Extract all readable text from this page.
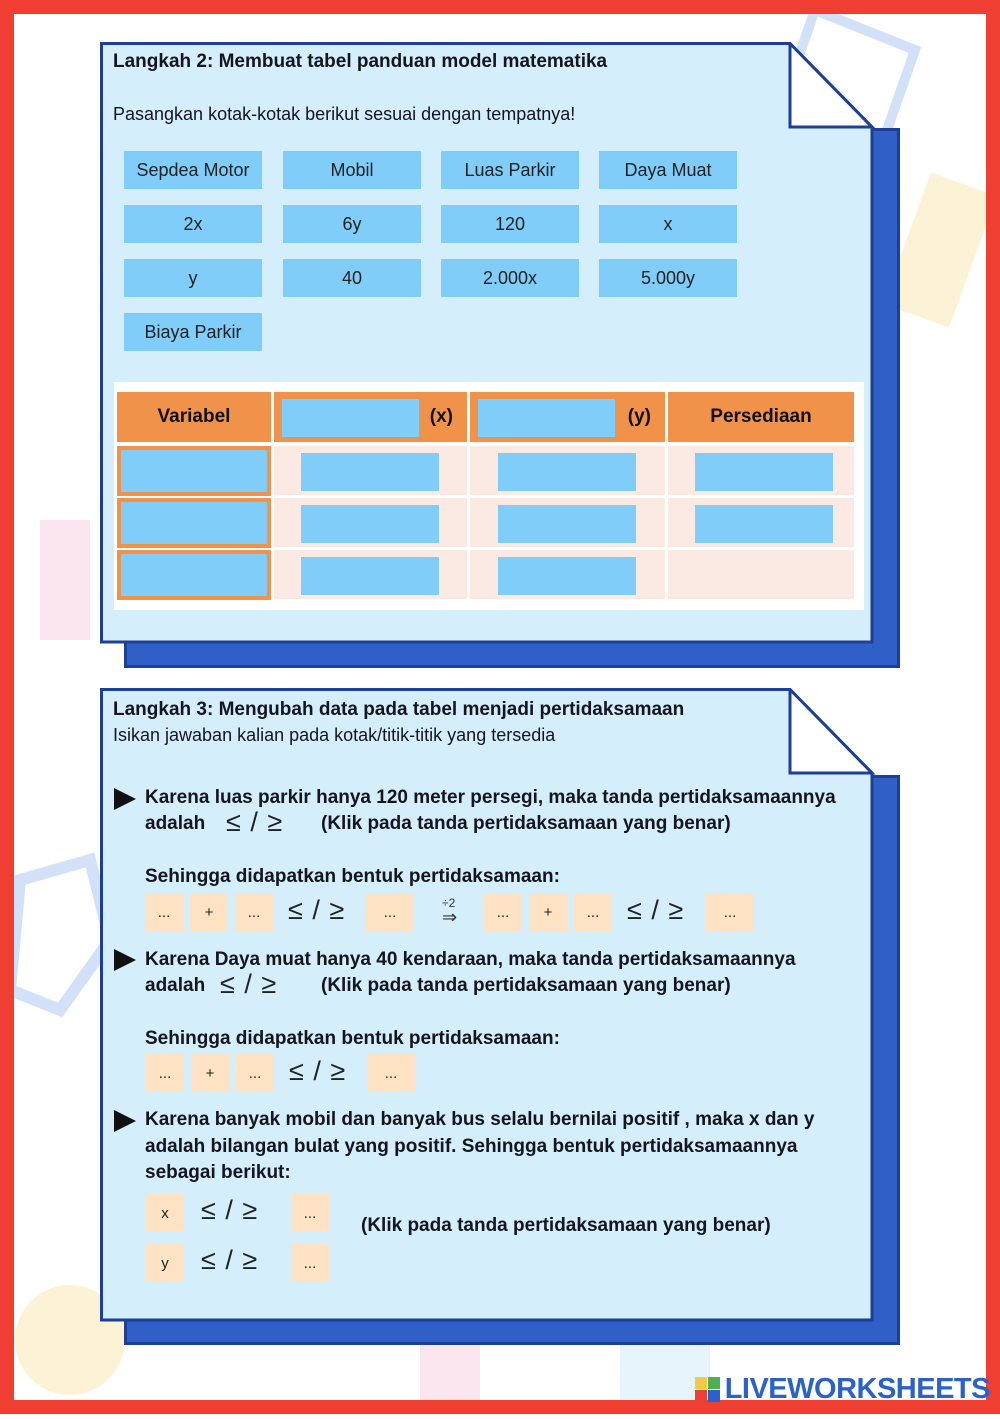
Langkah 2: Membuat tabel panduan model matematika
Pasangkan kotak-kotak berikut sesuai dengan tempatnya!
Sepdea Motor	Mobil	Luas Parkir	Daya Muat
2x	6y	120	x
y	40	2.000x	5.000y
Biaya Parkir
Variabel	(x)	(y)	Persediaan
Langkah 3: Mengubah data pada tabel menjadi pertidaksamaan
Isikan jawaban kalian pada kotak/titik-titik yang tersedia
Karena luas parkir hanya 120 meter persegi, maka tanda pertidaksamaannya
adalah ≤ / ≥ (Klik pada tanda pertidaksamaan yang benar)
Sehingga didapatkan bentuk pertidaksamaan:
...	+	...	≤ / ≥	...
÷2
⇒	...	+	...	≤ / ≥	...
Karena Daya muat hanya 40 kendaraan, maka tanda pertidaksamaannya
adalah ≤ / ≥ (Klik pada tanda pertidaksamaan yang benar)
Sehingga didapatkan bentuk pertidaksamaan:
...	+	...	≤ / ≥	...
Karena banyak mobil dan banyak bus selalu bernilai positif , maka x dan y
adalah bilangan bulat yang positif. Sehingga bentuk pertidaksamaannya
sebagai berikut:
x	≤ / ≥	...
(Klik pada tanda pertidaksamaan yang benar)
y	≤ / ≥	...
LIVEWORKSHEETS
